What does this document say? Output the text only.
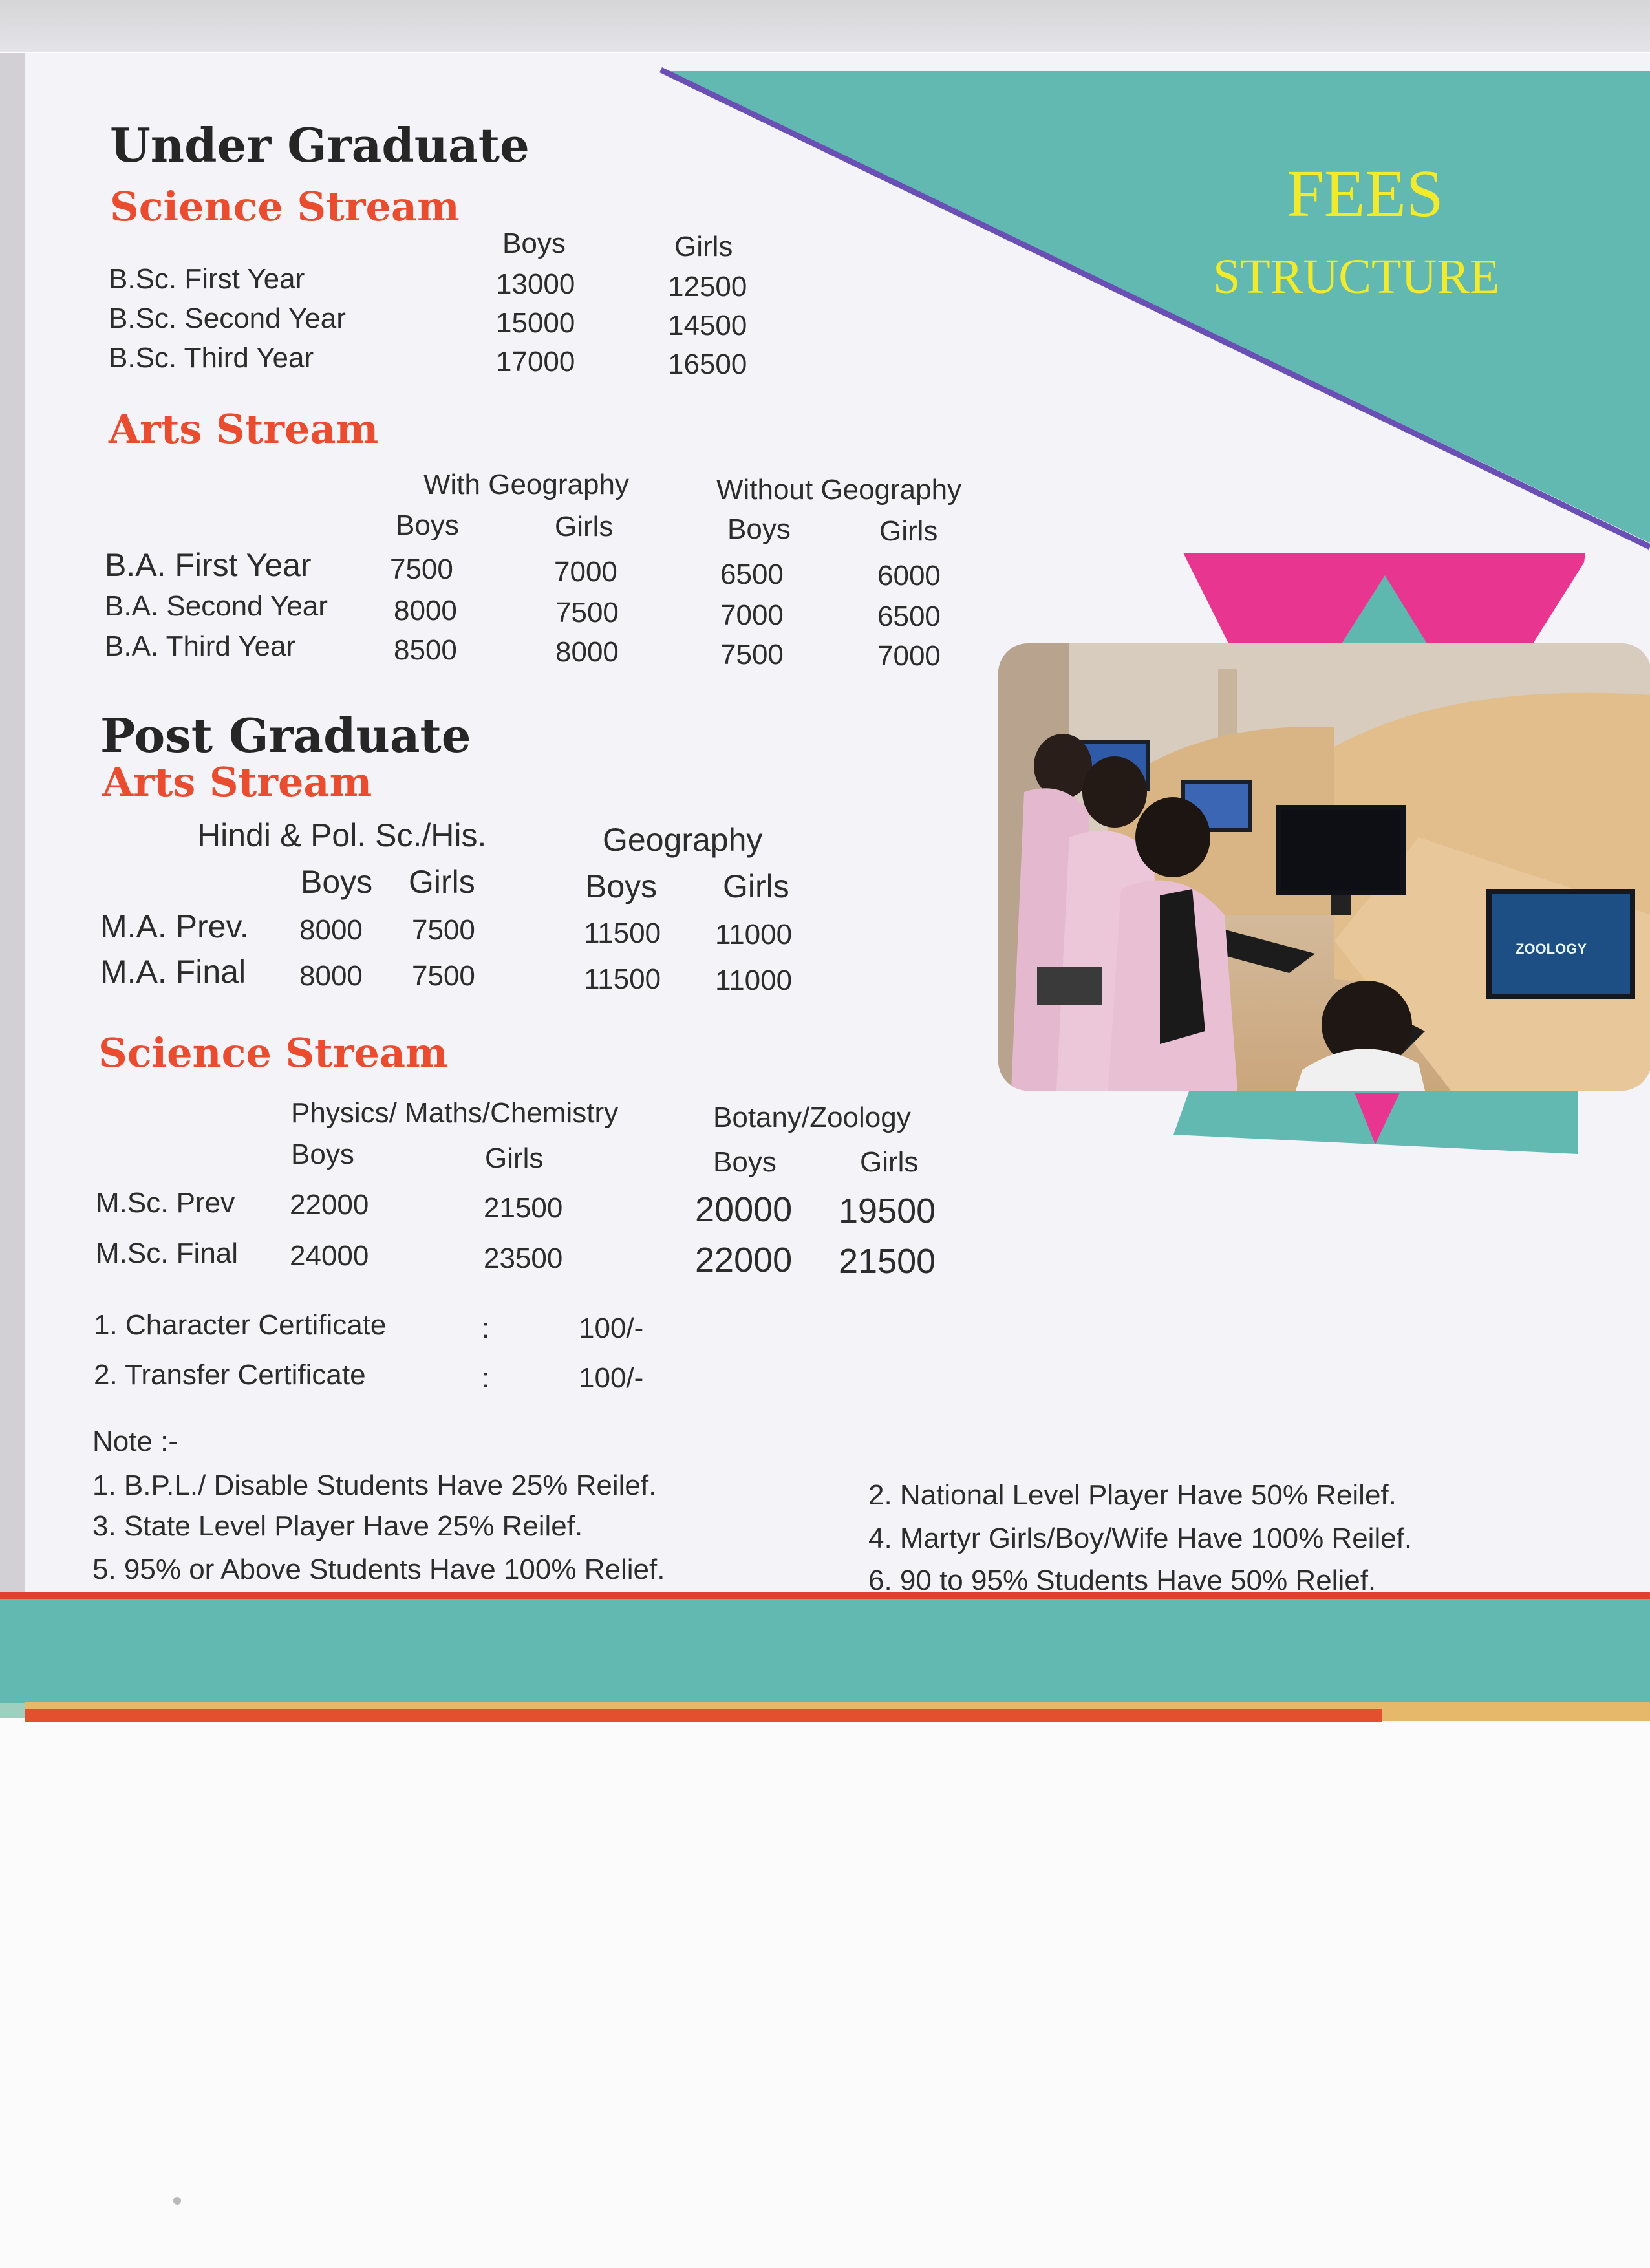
FEES
STRUCTURE
Under Graduate
Science Stream
Boys	Girls
B.Sc. First Year	13000	12500
B.Sc. Second Year	15000	14500
B.Sc. Third Year	17000	16500
Arts Stream
With Geography	Without Geography
Boys	Girls	Boys	Girls
B.A. First Year	7500	7000	6500	6000
B.A. Second Year 8000	7500	7000	6500
B.A. Third Year	8500	8000	7500	7000
Post Graduate
Arts Stream
Hindi & Pol. Sc./His.	Geography
Boys Girls	Boys Girls
M.A. Prev. 8000 7500	11500 11000
M.A. Final 8000 7500	11500 11000
Science Stream
Physics/ Maths/Chemistry	Botany/Zoology
Boys	Girls	Boys	Girls
M.Sc. Prev 22000	21500	20000 19500
M.Sc. Final 24000	23500	22000 21500
1. Character Certificate	:	100/-
2. Transfer Certificate	:	100/-
Note :-
1. B.P.L./ Disable Students Have 25% Reilef.	2. National Level Player Have 50% Reilef.
3. State Level Player Have 25% Reilef.	4. Martyr Girls/Boy/Wife Have 100% Reilef.
5. 95% or Above Students Have 100% Relief.	6. 90 to 95% Students Have 50% Relief.
ZOOLOGY
